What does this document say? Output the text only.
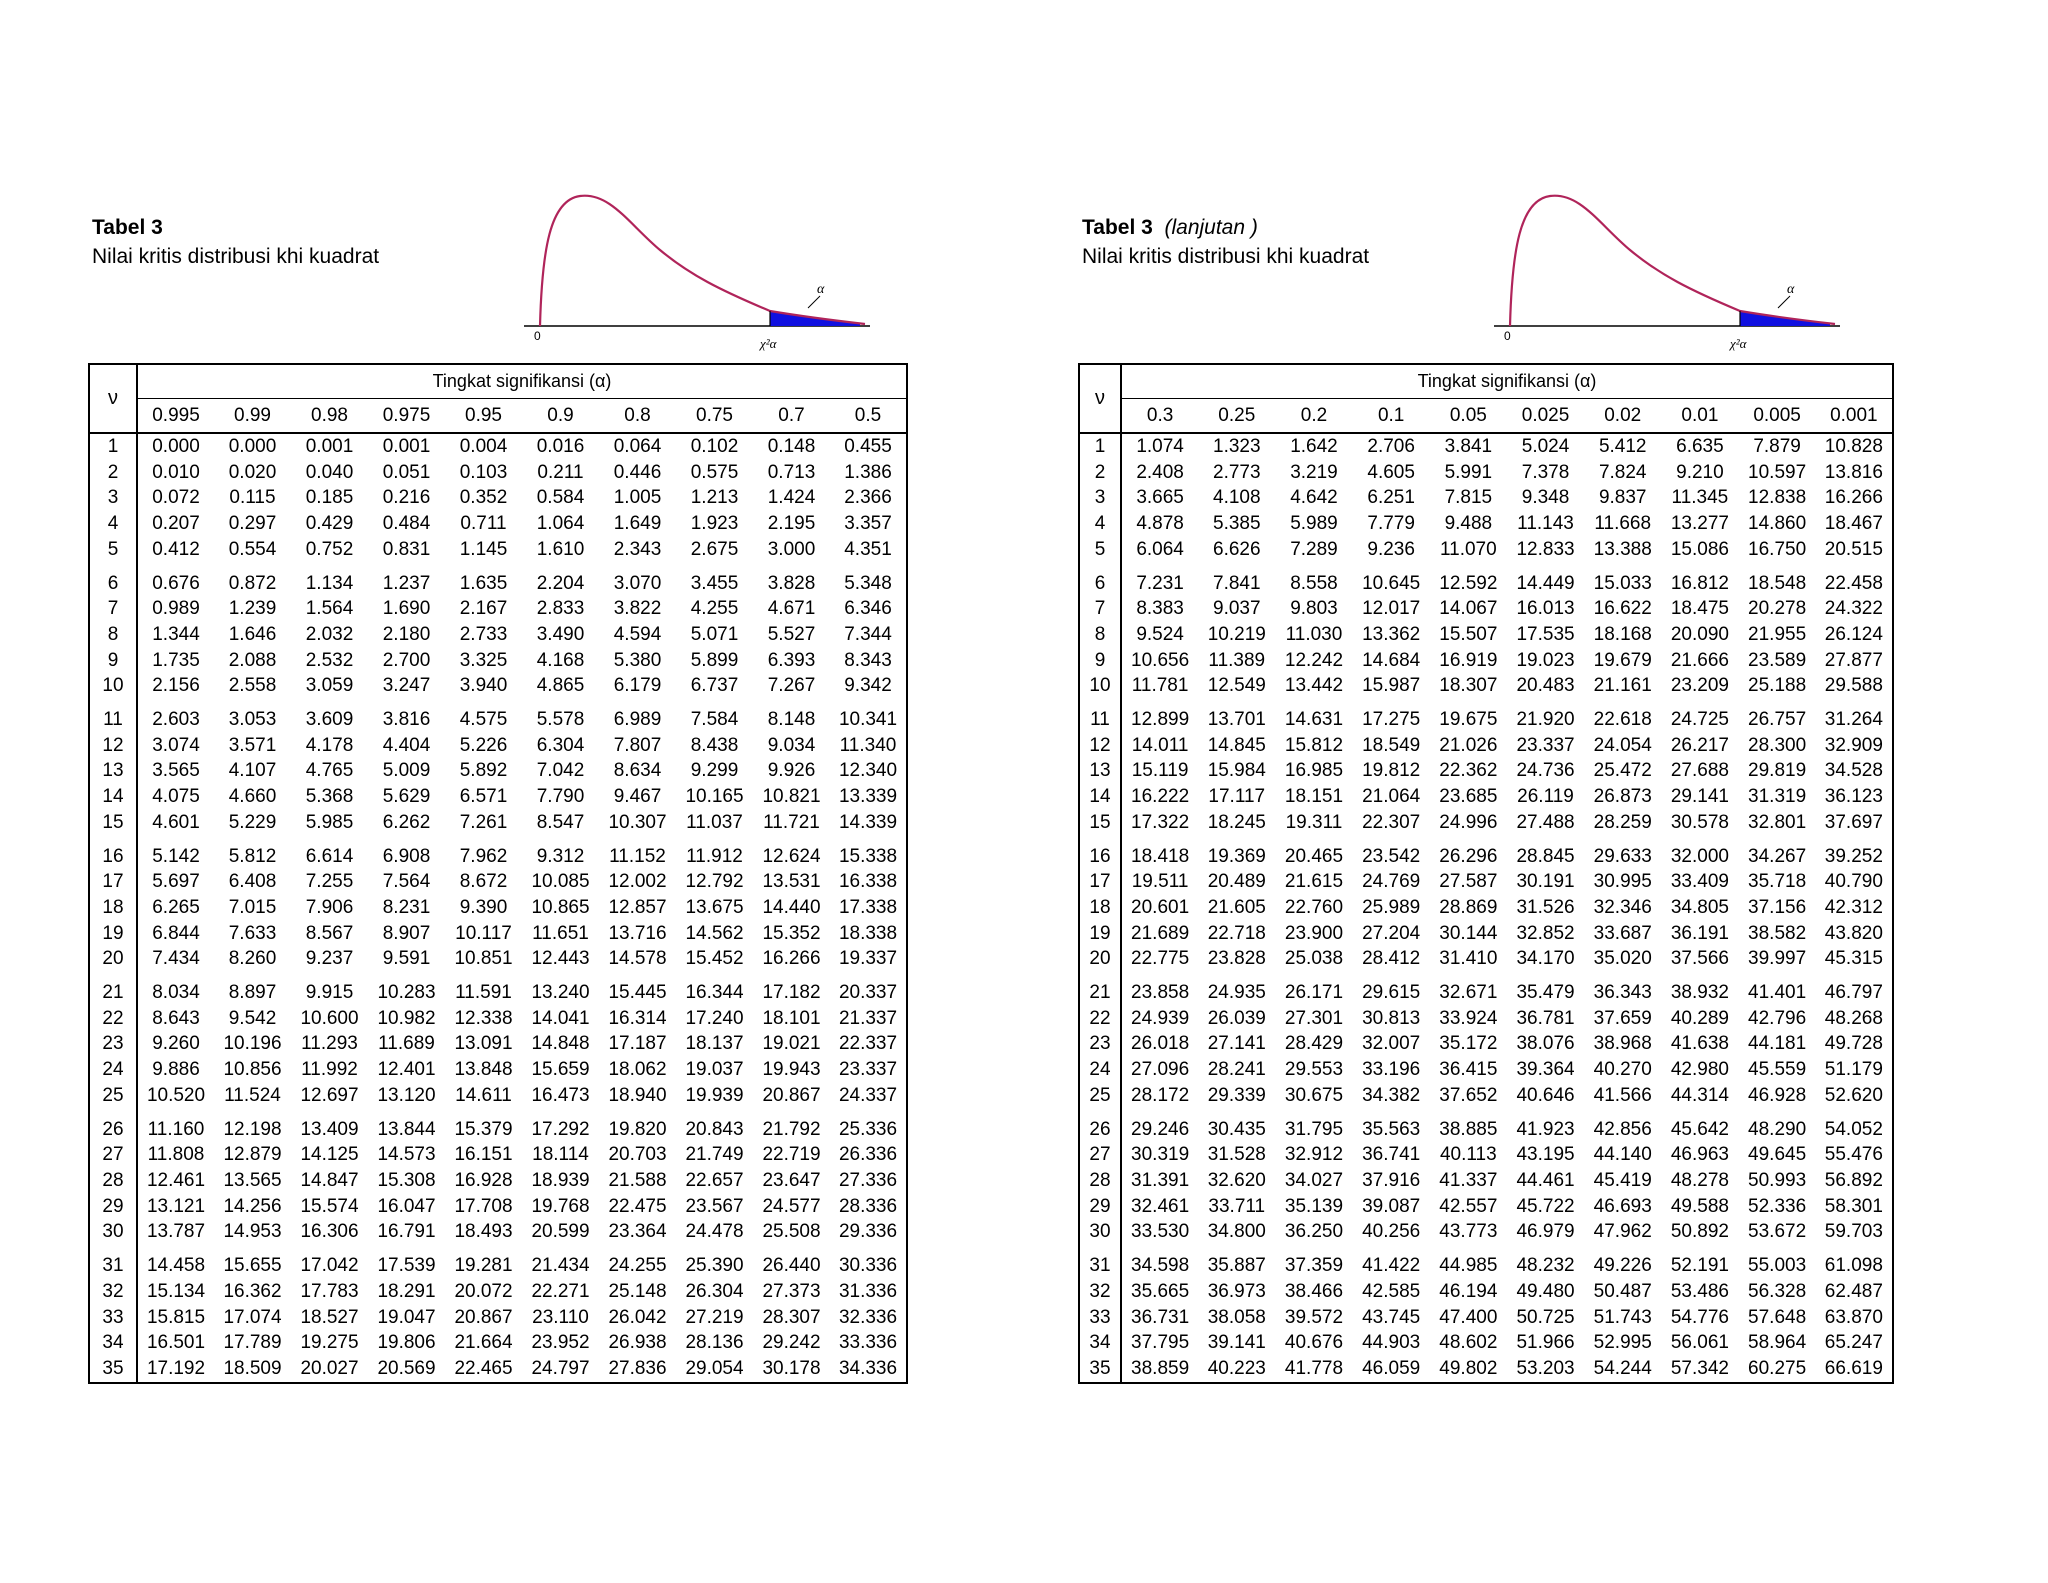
Tabel 3
Nilai kritis distribusi khi kuadrat
0
α
χ²α
ν	Tingkat signifikansi (α)									
	0.995	0.99	0.98	0.975	0.95	0.9	0.8	0.75	0.7	0.5
1	0.000	0.000	0.001	0.001	0.004	0.016	0.064	0.102	0.148	0.455
2	0.010	0.020	0.040	0.051	0.103	0.211	0.446	0.575	0.713	1.386
3	0.072	0.115	0.185	0.216	0.352	0.584	1.005	1.213	1.424	2.366
4	0.207	0.297	0.429	0.484	0.711	1.064	1.649	1.923	2.195	3.357
5	0.412	0.554	0.752	0.831	1.145	1.610	2.343	2.675	3.000	4.351
6	0.676	0.872	1.134	1.237	1.635	2.204	3.070	3.455	3.828	5.348
7	0.989	1.239	1.564	1.690	2.167	2.833	3.822	4.255	4.671	6.346
8	1.344	1.646	2.032	2.180	2.733	3.490	4.594	5.071	5.527	7.344
9	1.735	2.088	2.532	2.700	3.325	4.168	5.380	5.899	6.393	8.343
10	2.156	2.558	3.059	3.247	3.940	4.865	6.179	6.737	7.267	9.342
11	2.603	3.053	3.609	3.816	4.575	5.578	6.989	7.584	8.148	10.341
12	3.074	3.571	4.178	4.404	5.226	6.304	7.807	8.438	9.034	11.340
13	3.565	4.107	4.765	5.009	5.892	7.042	8.634	9.299	9.926	12.340
14	4.075	4.660	5.368	5.629	6.571	7.790	9.467	10.165	10.821	13.339
15	4.601	5.229	5.985	6.262	7.261	8.547	10.307	11.037	11.721	14.339
16	5.142	5.812	6.614	6.908	7.962	9.312	11.152	11.912	12.624	15.338
17	5.697	6.408	7.255	7.564	8.672	10.085	12.002	12.792	13.531	16.338
18	6.265	7.015	7.906	8.231	9.390	10.865	12.857	13.675	14.440	17.338
19	6.844	7.633	8.567	8.907	10.117	11.651	13.716	14.562	15.352	18.338
20	7.434	8.260	9.237	9.591	10.851	12.443	14.578	15.452	16.266	19.337
21	8.034	8.897	9.915	10.283	11.591	13.240	15.445	16.344	17.182	20.337
22	8.643	9.542	10.600	10.982	12.338	14.041	16.314	17.240	18.101	21.337
23	9.260	10.196	11.293	11.689	13.091	14.848	17.187	18.137	19.021	22.337
24	9.886	10.856	11.992	12.401	13.848	15.659	18.062	19.037	19.943	23.337
25	10.520	11.524	12.697	13.120	14.611	16.473	18.940	19.939	20.867	24.337
26	11.160	12.198	13.409	13.844	15.379	17.292	19.820	20.843	21.792	25.336
27	11.808	12.879	14.125	14.573	16.151	18.114	20.703	21.749	22.719	26.336
28	12.461	13.565	14.847	15.308	16.928	18.939	21.588	22.657	23.647	27.336
29	13.121	14.256	15.574	16.047	17.708	19.768	22.475	23.567	24.577	28.336
30	13.787	14.953	16.306	16.791	18.493	20.599	23.364	24.478	25.508	29.336
31	14.458	15.655	17.042	17.539	19.281	21.434	24.255	25.390	26.440	30.336
32	15.134	16.362	17.783	18.291	20.072	22.271	25.148	26.304	27.373	31.336
33	15.815	17.074	18.527	19.047	20.867	23.110	26.042	27.219	28.307	32.336
34	16.501	17.789	19.275	19.806	21.664	23.952	26.938	28.136	29.242	33.336
35	17.192	18.509	20.027	20.569	22.465	24.797	27.836	29.054	30.178	34.336
Tabel 3 (lanjutan )
Nilai kritis distribusi khi kuadrat
0
α
χ²α
ν	Tingkat signifikansi (α)									
	0.3	0.25	0.2	0.1	0.05	0.025	0.02	0.01	0.005	0.001
1	1.074	1.323	1.642	2.706	3.841	5.024	5.412	6.635	7.879	10.828
2	2.408	2.773	3.219	4.605	5.991	7.378	7.824	9.210	10.597	13.816
3	3.665	4.108	4.642	6.251	7.815	9.348	9.837	11.345	12.838	16.266
4	4.878	5.385	5.989	7.779	9.488	11.143	11.668	13.277	14.860	18.467
5	6.064	6.626	7.289	9.236	11.070	12.833	13.388	15.086	16.750	20.515
6	7.231	7.841	8.558	10.645	12.592	14.449	15.033	16.812	18.548	22.458
7	8.383	9.037	9.803	12.017	14.067	16.013	16.622	18.475	20.278	24.322
8	9.524	10.219	11.030	13.362	15.507	17.535	18.168	20.090	21.955	26.124
9	10.656	11.389	12.242	14.684	16.919	19.023	19.679	21.666	23.589	27.877
10	11.781	12.549	13.442	15.987	18.307	20.483	21.161	23.209	25.188	29.588
11	12.899	13.701	14.631	17.275	19.675	21.920	22.618	24.725	26.757	31.264
12	14.011	14.845	15.812	18.549	21.026	23.337	24.054	26.217	28.300	32.909
13	15.119	15.984	16.985	19.812	22.362	24.736	25.472	27.688	29.819	34.528
14	16.222	17.117	18.151	21.064	23.685	26.119	26.873	29.141	31.319	36.123
15	17.322	18.245	19.311	22.307	24.996	27.488	28.259	30.578	32.801	37.697
16	18.418	19.369	20.465	23.542	26.296	28.845	29.633	32.000	34.267	39.252
17	19.511	20.489	21.615	24.769	27.587	30.191	30.995	33.409	35.718	40.790
18	20.601	21.605	22.760	25.989	28.869	31.526	32.346	34.805	37.156	42.312
19	21.689	22.718	23.900	27.204	30.144	32.852	33.687	36.191	38.582	43.820
20	22.775	23.828	25.038	28.412	31.410	34.170	35.020	37.566	39.997	45.315
21	23.858	24.935	26.171	29.615	32.671	35.479	36.343	38.932	41.401	46.797
22	24.939	26.039	27.301	30.813	33.924	36.781	37.659	40.289	42.796	48.268
23	26.018	27.141	28.429	32.007	35.172	38.076	38.968	41.638	44.181	49.728
24	27.096	28.241	29.553	33.196	36.415	39.364	40.270	42.980	45.559	51.179
25	28.172	29.339	30.675	34.382	37.652	40.646	41.566	44.314	46.928	52.620
26	29.246	30.435	31.795	35.563	38.885	41.923	42.856	45.642	48.290	54.052
27	30.319	31.528	32.912	36.741	40.113	43.195	44.140	46.963	49.645	55.476
28	31.391	32.620	34.027	37.916	41.337	44.461	45.419	48.278	50.993	56.892
29	32.461	33.711	35.139	39.087	42.557	45.722	46.693	49.588	52.336	58.301
30	33.530	34.800	36.250	40.256	43.773	46.979	47.962	50.892	53.672	59.703
31	34.598	35.887	37.359	41.422	44.985	48.232	49.226	52.191	55.003	61.098
32	35.665	36.973	38.466	42.585	46.194	49.480	50.487	53.486	56.328	62.487
33	36.731	38.058	39.572	43.745	47.400	50.725	51.743	54.776	57.648	63.870
34	37.795	39.141	40.676	44.903	48.602	51.966	52.995	56.061	58.964	65.247
35	38.859	40.223	41.778	46.059	49.802	53.203	54.244	57.342	60.275	66.619
